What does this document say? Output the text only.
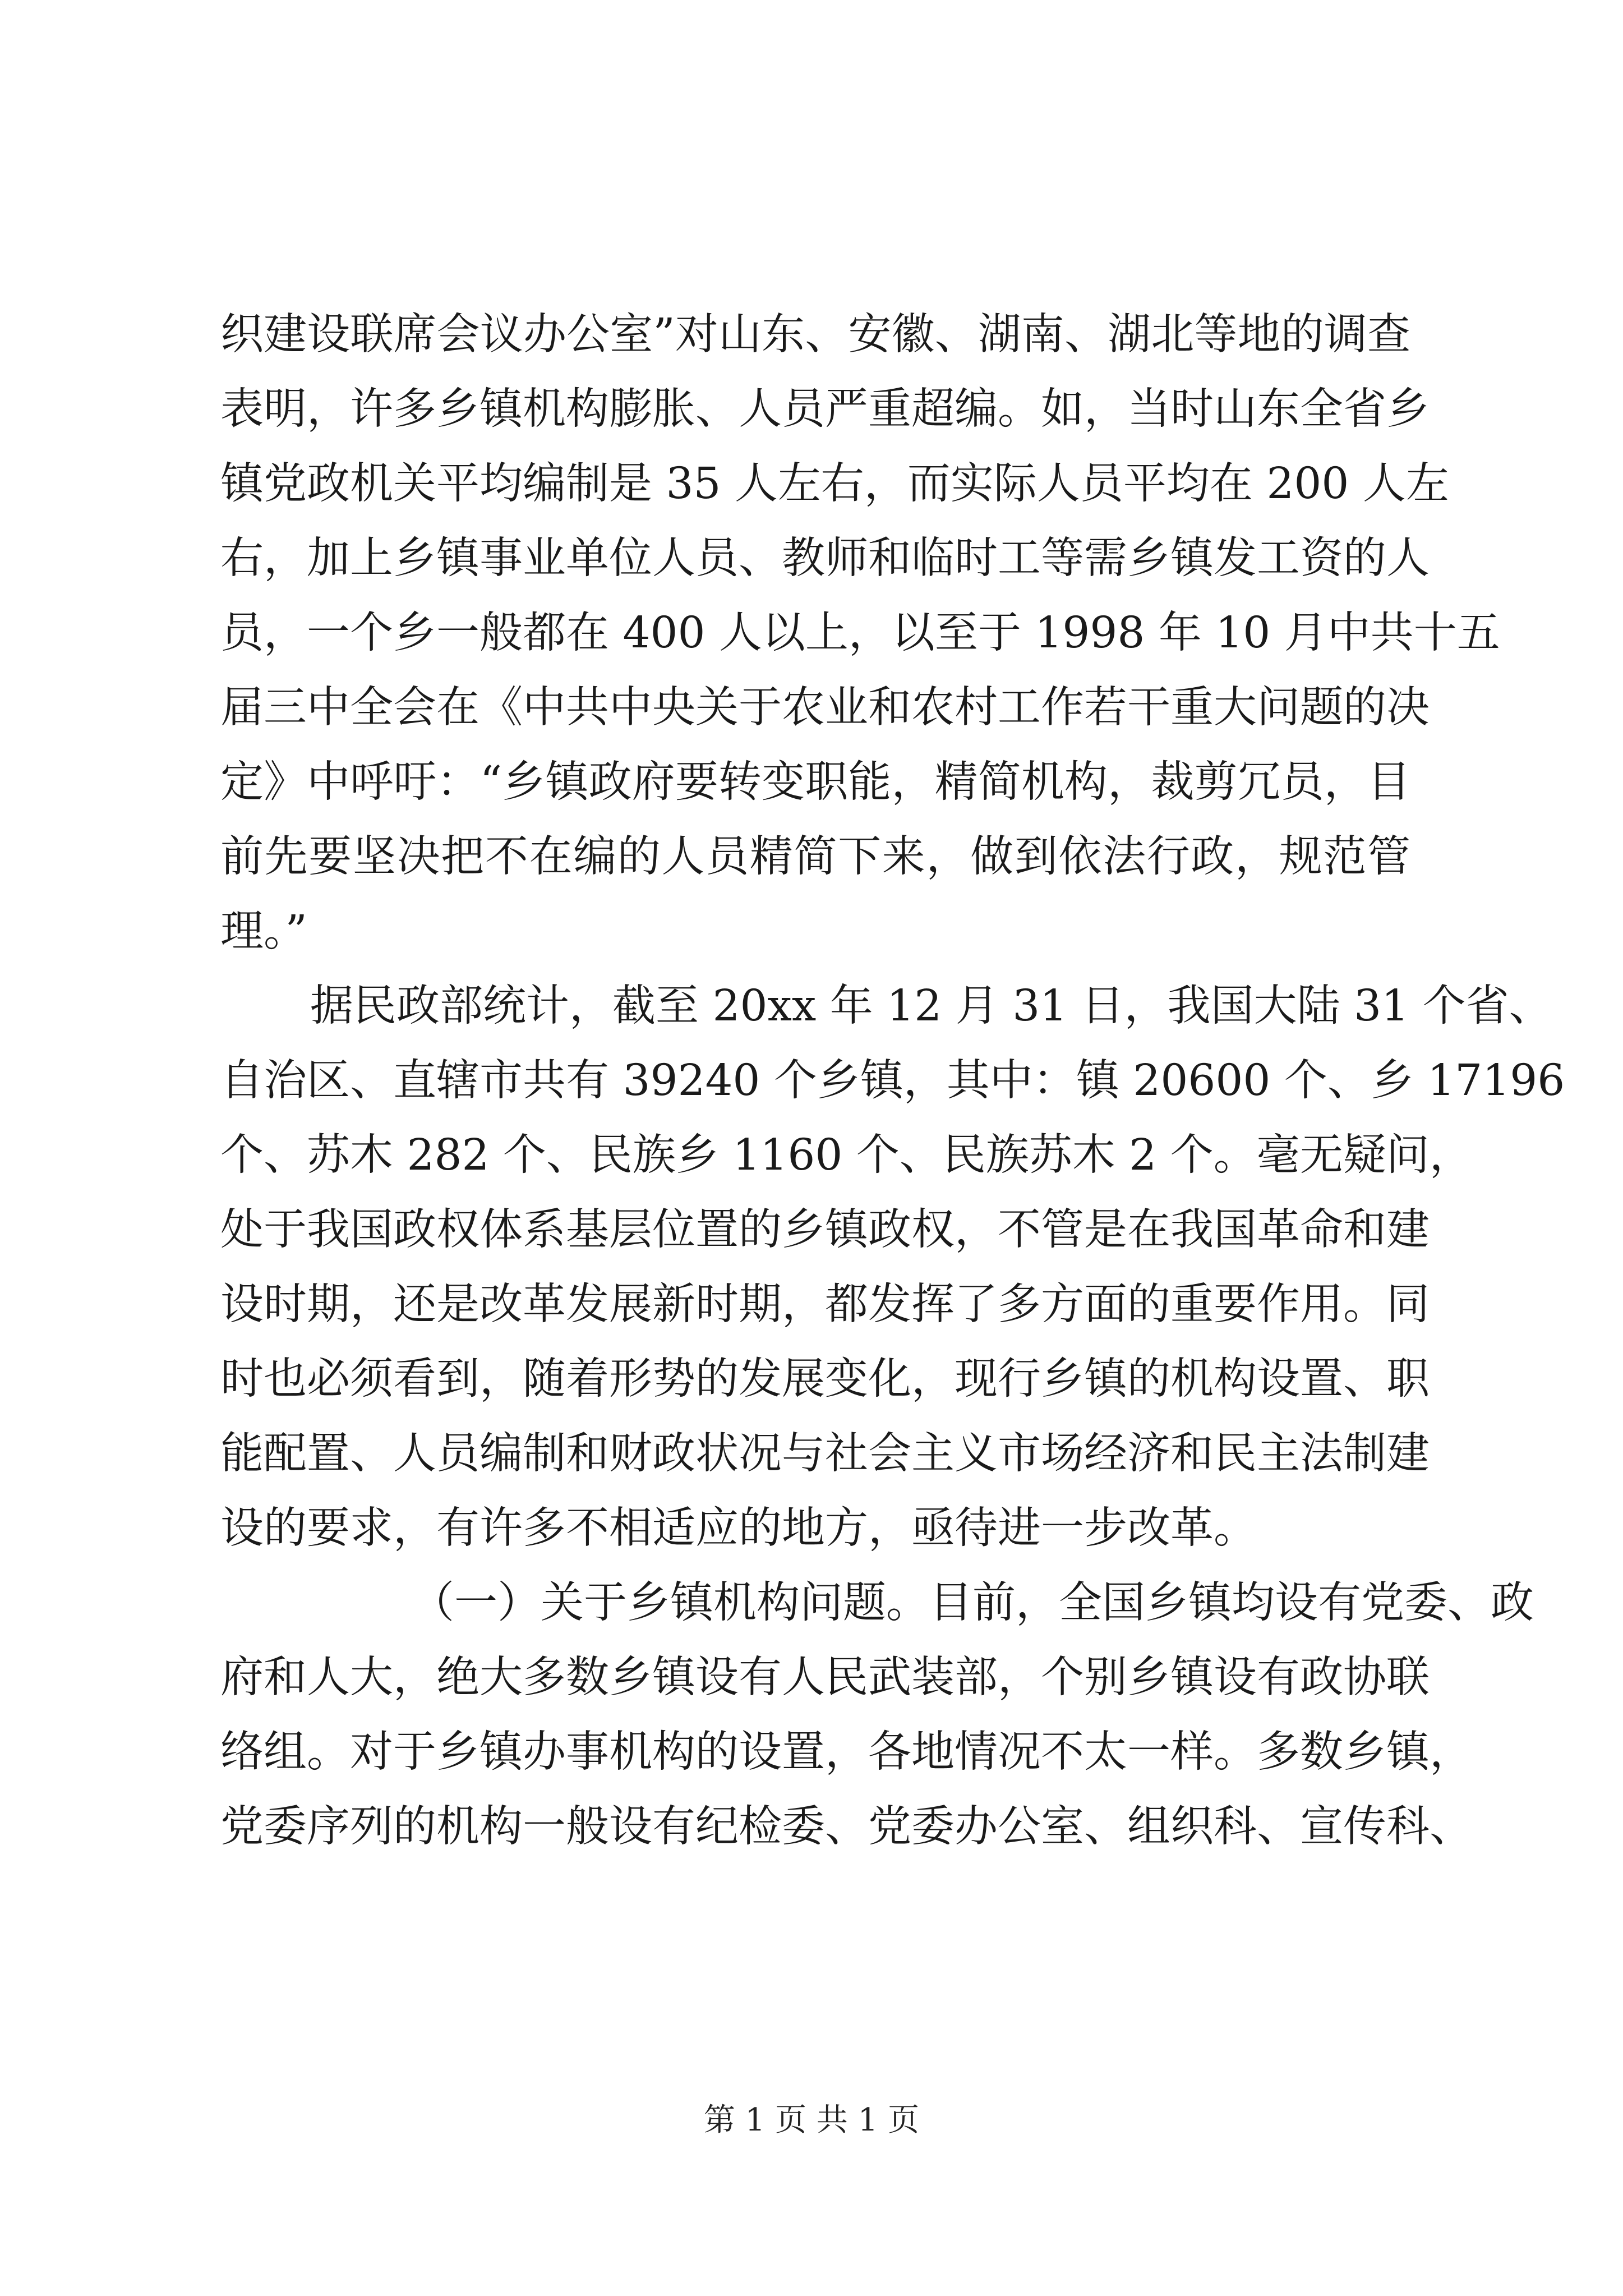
织建设联席会议办公室”对山东、安徽、湖南、湖北等地的调查
表明，许多乡镇机构膨胀、人员严重超编。如，当时山东全省乡
镇党政机关平均编制是 35 人左右，而实际人员平均在 200 人左
右，加上乡镇事业单位人员、教师和临时工等需乡镇发工资的人
员，一个乡一般都在 400 人以上，以至于 1998 年 10 月中共十五
届三中全会在《中共中央关于农业和农村工作若干重大问题的决
定》中呼吁：“乡镇政府要转变职能，精简机构，裁剪冗员，目
前先要坚决把不在编的人员精简下来，做到依法行政，规范管
理。”
据民政部统计，截至 20xx 年 12 月 31 日，我国大陆 31 个省、
自治区、直辖市共有 39240 个乡镇，其中：镇 20600 个、乡 17196
个、苏木 282 个、民族乡 1160 个、民族苏木 2 个。毫无疑问，
处于我国政权体系基层位置的乡镇政权，不管是在我国革命和建
设时期，还是改革发展新时期，都发挥了多方面的重要作用。同
时也必须看到，随着形势的发展变化，现行乡镇的机构设置、职
能配置、人员编制和财政状况与社会主义市场经济和民主法制建
设的要求，有许多不相适应的地方，亟待进一步改革。
（一）关于乡镇机构问题。目前，全国乡镇均设有党委、政
府和人大，绝大多数乡镇设有人民武装部，个别乡镇设有政协联
络组。对于乡镇办事机构的设置，各地情况不太一样。多数乡镇，
党委序列的机构一般设有纪检委、党委办公室、组织科、宣传科、
第 1 页 共 1 页
